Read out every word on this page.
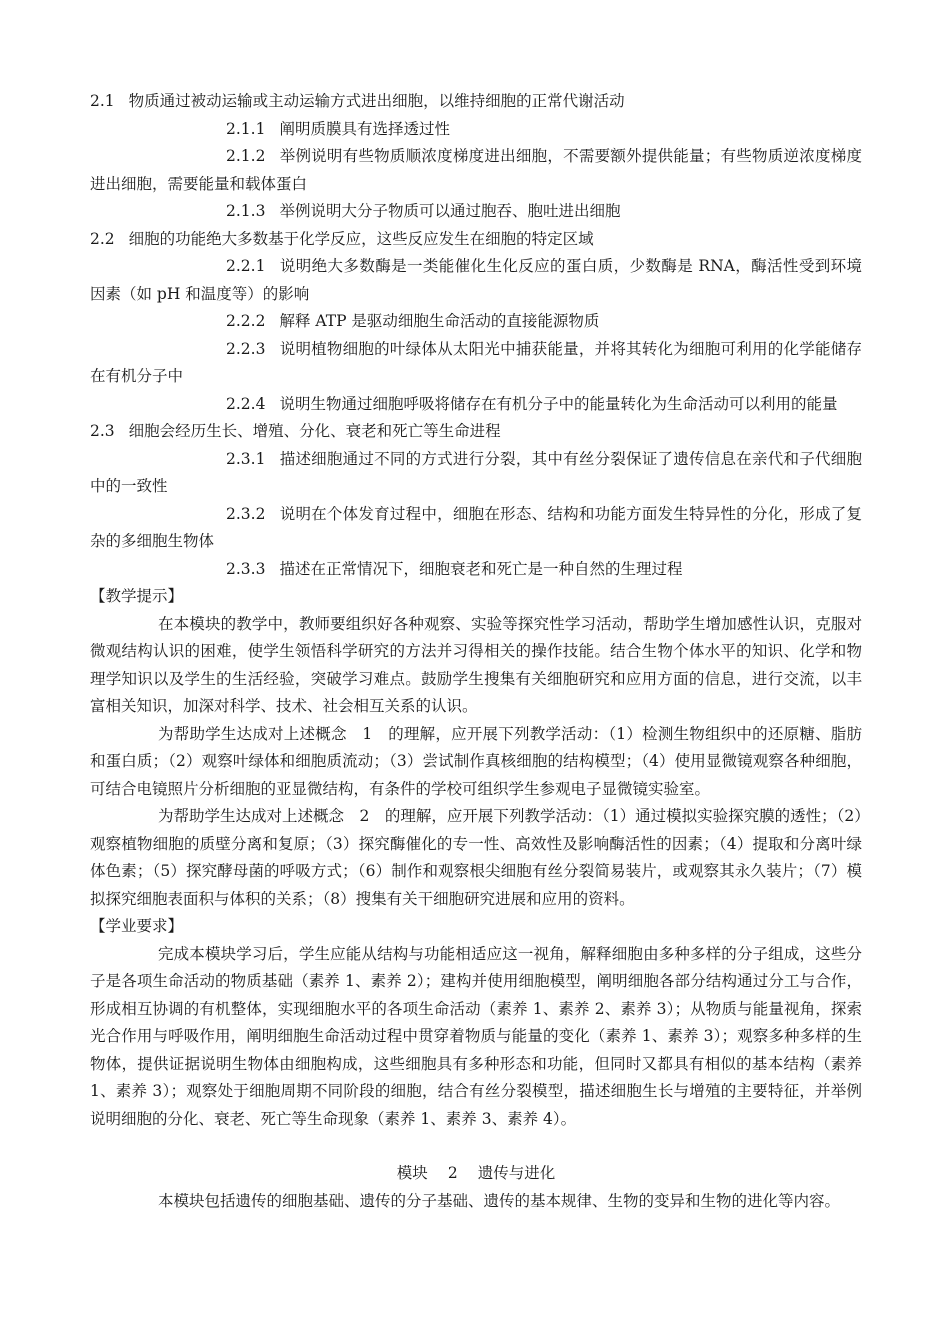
2.1 物质通过被动运输或主动运输方式进出细胞，以维持细胞的正常代谢活动

2.1.1 阐明质膜具有选择透过性

2.1.2 举例说明有些物质顺浓度梯度进出细胞，不需要额外提供能量；有些物质逆浓度梯度进出细胞，需要能量和载体蛋白

2.1.3 举例说明大分子物质可以通过胞吞、胞吐进出细胞

2.2 细胞的功能绝大多数基于化学反应，这些反应发生在细胞的特定区域

2.2.1 说明绝大多数酶是一类能催化生化反应的蛋白质，少数酶是 RNA，酶活性受到环境因素（如 pH 和温度等）的影响

2.2.2 解释 ATP 是驱动细胞生命活动的直接能源物质

2.2.3 说明植物细胞的叶绿体从太阳光中捕获能量，并将其转化为细胞可利用的化学能储存在有机分子中

2.2.4 说明生物通过细胞呼吸将储存在有机分子中的能量转化为生命活动可以利用的能量

2.3 细胞会经历生长、增殖、分化、衰老和死亡等生命进程

2.3.1 描述细胞通过不同的方式进行分裂，其中有丝分裂保证了遗传信息在亲代和子代细胞中的一致性

2.3.2 说明在个体发育过程中，细胞在形态、结构和功能方面发生特异性的分化，形成了复杂的多细胞生物体

2.3.3 描述在正常情况下，细胞衰老和死亡是一种自然的生理过程

【教学提示】

在本模块的教学中，教师要组织好各种观察、实验等探究性学习活动，帮助学生增加感性认识，克服对微观结构认识的困难，使学生领悟科学研究的方法并习得相关的操作技能。结合生物个体水平的知识、化学和物理学知识以及学生的生活经验，突破学习难点。鼓励学生搜集有关细胞研究和应用方面的信息，进行交流，以丰富相关知识，加深对科学、技术、社会相互关系的认识。

为帮助学生达成对上述概念　1　的理解，应开展下列教学活动：（1）检测生物组织中的还原糖、脂肪和蛋白质；（2）观察叶绿体和细胞质流动；（3）尝试制作真核细胞的结构模型；（4）使用显微镜观察各种细胞，可结合电镜照片分析细胞的亚显微结构，有条件的学校可组织学生参观电子显微镜实验室。

为帮助学生达成对上述概念　2　的理解，应开展下列教学活动：（1）通过模拟实验探究膜的透性；（2）观察植物细胞的质壁分离和复原；（3）探究酶催化的专一性、高效性及影响酶活性的因素；（4）提取和分离叶绿体色素；（5）探究酵母菌的呼吸方式；（6）制作和观察根尖细胞有丝分裂简易装片，或观察其永久装片；（7）模拟探究细胞表面积与体积的关系；（8）搜集有关干细胞研究进展和应用的资料。

【学业要求】

完成本模块学习后，学生应能从结构与功能相适应这一视角，解释细胞由多种多样的分子组成，这些分子是各项生命活动的物质基础（素养 1、素养 2）；建构并使用细胞模型，阐明细胞各部分结构通过分工与合作，形成相互协调的有机整体，实现细胞水平的各项生命活动（素养 1、素养 2、素养 3）；从物质与能量视角，探索光合作用与呼吸作用，阐明细胞生命活动过程中贯穿着物质与能量的变化（素养 1、素养 3）；观察多种多样的生物体，提供证据说明生物体由细胞构成，这些细胞具有多种形态和功能，但同时又都具有相似的基本结构（素养 1、素养 3）；观察处于细胞周期不同阶段的细胞，结合有丝分裂模型，描述细胞生长与增殖的主要特征，并举例说明细胞的分化、衰老、死亡等生命现象（素养 1、素养 3、素养 4）。

模块 2 遗传与进化

本模块包括遗传的细胞基础、遗传的分子基础、遗传的基本规律、生物的变异和生物的进化等内容。
